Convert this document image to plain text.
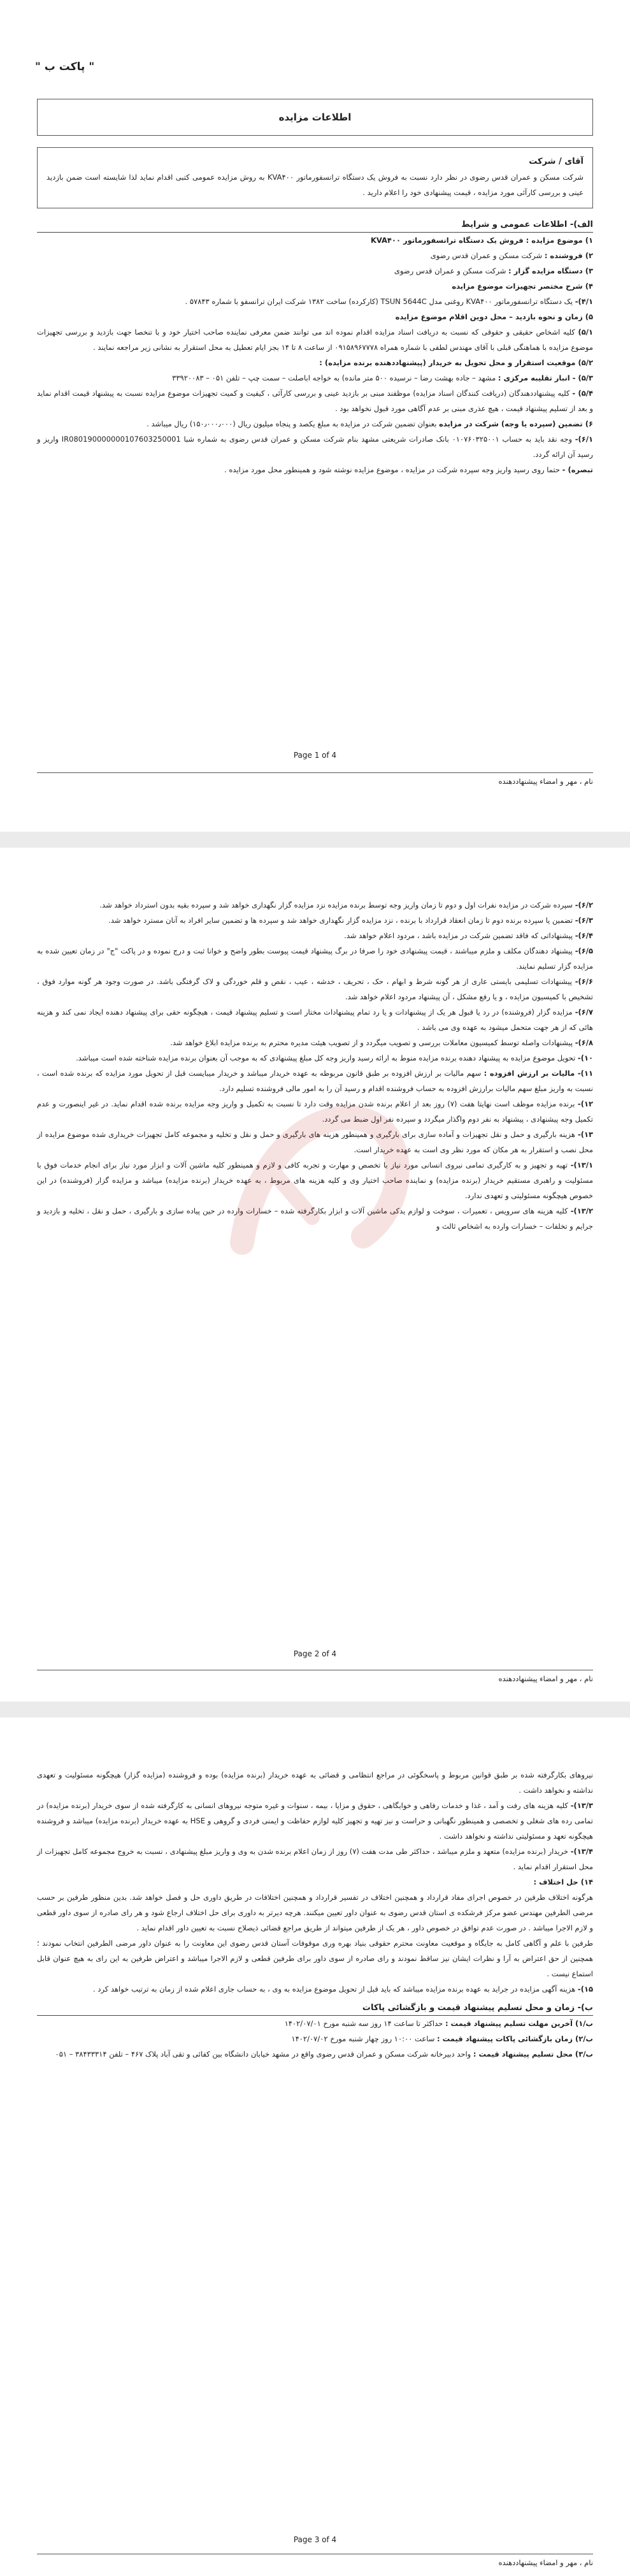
" پاکت ب "
اطلاعات مزایده
آقای / شرکت
شرکت مسکن و عمران قدس رضوی در نظر دارد نسبت به فروش یک دستگاه ترانسفورماتور KVA۴۰۰ به روش مزایده عمومی کتبی اقدام نماید لذا شایسته است ضمن بازدید عینی و بررسی کارآئی مورد مزایده ، قیمت پیشنهادی خود را اعلام دارید .
الف)- اطلاعات عمومی و شرایط
۱) موضوع مزایده : فروش یک دستگاه ترانسفورماتور KVA۴۰۰
۲) فروشنده : شرکت مسکن و عمران قدس رضوی
۳) دستگاه مزایده گزار : شرکت مسکن و عمران قدس رضوی
۴) شرح مختصر تجهیزات موضوع مزایده
۴/۱)- یک دستگاه ترانسفورماتور KVA۴۰۰ روغنی مدل TSUN 5644C (کارکرده) ساخت ۱۳۸۲ شرکت ایران ترانسفو با شماره ۵۷۸۴۳ .
۵) زمان و نحوه بازدید – محل دوین اقلام موضوع مزایده
۵/۱) کلیه اشخاص حقیقی و حقوقی که نسبت به دریافت اسناد مزایده اقدام نموده اند می توانند ضمن معرفی نماینده صاحب اختیار خود و با تنخصا جهت بازدید و بررسی تجهیزات موضوع مزایده با هماهنگی قبلی با آقای مهندس لطفی با شماره همراه ۰۹۱۵۸۹۶۷۷۷۸ از ساعت ۸ تا ۱۴ بجز ایام تعطیل به محل استقرار به نشانی زیر مراجعه نمایند .
۵/۲) موقعیت استقرار و محل تحویل به خریدار (پیشنهاددهنده برنده مزایده) :
۵/۳) - انبار تقلیبه مرکزی : مشهد – جاده بهشت رضا – نرسیده ۵۰۰ متر مانده) به خواجه اباصلت – سمت چپ – تلفن ۰۵۱ – ۳۳۹۲۰۰۸۳
۵/۴) - کلیه پیشنهاددهندگان (دریافت کنندگان اسناد مزایده) موظفند مبنی بر بازدید عینی و بررسی کارآئی ، کیفیت و کمیت تجهیزات موضوع مزایده نسبت به پیشنهاد قیمت اقدام نماید و بعد از تسلیم پیشنهاد قیمت ، هیچ عذری مبنی بر عدم آگاهی مورد قبول نخواهد بود .
۶) تضمین (سپرده یا وجه) شرکت در مزایده بعنوان تضمین شرکت در مزایده به مبلغ یکصد و پنجاه میلیون ریال (۱۵۰٫۰۰۰٫۰۰۰) ریال میباشد .
۶/۱)- وجه نقد باید به حساب ۰۱۰۷۶۰۳۲۵۰۰۱ بانک صادرات شریعتی مشهد بنام شرکت مسکن و عمران قدس رضوی به شماره شبا IR080190000000107603250001 واریز و رسید آن ارائه گردد.
تبصره) - حتما روی رسید واریز وجه سپرده شرکت در مزایده ، موضوع مزایده نوشته شود و همینطور محل مورد مزایده .
Page 1 of 4
نام ، مهر و امضاء پیشنهاددهنده
۶/۲)- سپرده شرکت در مزایده نفرات اول و دوم تا زمان واریز وجه توسط برنده مزایده نزد مزایده گزار نگهداری خواهد شد و سپرده بقیه بدون استرداد خواهد شد.
۶/۳)- تضمین یا سپرده برنده دوم تا زمان انعقاد قرارداد با برنده ، نزد مزایده گزار نگهداری خواهد شد و سپرده ها و تضمین سایر افراد به آنان مسترد خواهد شد.
۶/۴)- پیشنهاداتی که فاقد تضمین شرکت در مزایده باشد ، مردود اعلام خواهد شد.
۶/۵)- پیشنهاد دهندگان مکلف و ملزم میباشند ، قیمت پیشنهادی خود را صرفا در برگ پیشنهاد قیمت پیوست بطور واضح و خوانا ثبت و درج نموده و در پاکت "ج" در زمان تعیین شده به مزایده گزار تسلیم نمایند.
۶/۶)- پیشنهادات تسلیمی بایستی عاری از هر گونه شرط و ابهام ، حک ، تحریف ، خدشه ، عیب ، نقص و قلم خوردگی و لاک گرفتگی باشد. در صورت وجود هر گونه موارد فوق ، تشخیص با کمیسیون مزایده ، و یا رفع مشکل ، آن پیشنهاد مردود اعلام خواهد شد.
۶/۷)- مزایده گزار (فروشنده) در رد یا قبول هر یک از پیشنهادات و یا رد تمام پیشنهادات مختار است و تسلیم پیشنهاد قیمت ، هیچگونه حقی برای پیشنهاد دهنده ایجاد نمی کند و هزینه هائی که از هر جهت متحمل میشود به عهده وی می باشد .
۶/۸)- پیشنهادات واصله توسط کمیسیون معاملات بررسی و تصویب میگردد و از تصویب هیئت مدیره محترم به برنده مزایده ابلاغ خواهد شد.
۱۰)- تحویل موضوع مزایده به پیشنهاد دهنده برنده مزایده منوط به ارائه رسید واریز وجه کل مبلغ پیشنهادی که به موجب آن بعنوان برنده مزایده شناخته شده است میباشد.
۱۱)- مالیات بر ارزش افزوده : سهم مالیات بر ارزش افزوده بر طبق قانون مربوطه به عهده خریدار میباشد و خریدار میبایست قبل از تحویل مورد مزایده که برنده شده است ، نسبت به واریز مبلغ سهم مالیات برارزش افزوده به حساب فروشنده اقدام و رسید آن را به امور مالی فروشنده تسلیم دارد.
۱۲)- برنده مزایده موظف است نهایتا هفت (۷) روز بعد از اعلام برنده شدن مزایده وقت دارد تا نسبت به تکمیل و واریز وجه مزایده برنده شده اقدام نماید. در غیر اینصورت و عدم تکمیل وجه پیشنهادی ، پیشنهاد به نفر دوم واگذار میگردد و سپرده نفر اول ضبط می گردد.
۱۳)- هزینه بارگیری و حمل و نقل تجهیزات و آماده سازی برای بارگیری و همینطور هزینه های بارگیری و حمل و نقل و تخلیه و مجموعه کامل تجهیزات خریداری شده موضوع مزایده از محل نصب و استقرار به هر مکان که مورد نظر وی است به عهده خریدار است.
۱۳/۱)- تهیه و تجهیز و به کارگیری تمامی نیروی انسانی مورد نیاز با تخصص و مهارت و تجربه کافی و لازم و همینطور کلیه ماشین آلات و ابزار مورد نیاز برای انجام خدمات فوق با مسئولیت و راهبری مستقیم خریدار (برنده مزایده) و نماینده صاحب اختیار وی و کلیه هزینه های مربوط ، به عهده خریدار (برنده مزایده) میباشد و مزایده گزار (فروشنده) در این خصوص هیچگونه مسئولیتی و تعهدی ندارد.
۱۳/۲)- کلیه هزینه های سرویس ، تعمیرات ، سوخت و لوازم یدکی ماشین آلات و ابزار بکارگرفته شده – خسارات وارده در حین پیاده سازی و بارگیری ، حمل و نقل ، تخلیه و بازدید و جرایم و تخلفات – خسارات وارده به اشخاص ثالث و
Page 2 of 4
نام ، مهر و امضاء پیشنهاددهنده
نیروهای بکارگرفته شده بر طبق قوانین مربوط و پاسخگوئی در مراجع انتظامی و قضائی به عهده خریدار (برنده مزایده) بوده و فروشنده (مزایده گزار) هیچگونه مسئولیت و تعهدی نداشته و نخواهد داشت .
۱۳/۳)- کلیه هزینه های رفت و آمد ، غذا و خدمات رفاهی و خوابگاهی ، حقوق و مزایا ، بیمه ، سنوات و غیره متوجه نیروهای انسانی به کارگرفته شده از سوی خریدار (برنده مزایده) در تمامی رده های شغلی و تخصصی و همینطور نگهبانی و حراست و نیز تهیه و تجهیز کلیه لوازم حفاظت و ایمنی فردی و گروهی و HSE به عهده خریدار (برنده مزایده) میباشد و فروشنده هیچگونه تعهد و مسئولیتی نداشته و نخواهد داشت .
۱۳/۴)- خریدار (برنده مزایده) متعهد و ملزم میباشد ، حداکثر طی مدت هفت (۷) روز از زمان اعلام برنده شدن به وی و واریز مبلغ پیشنهادی ، نسبت به خروج مجموعه کامل تجهیزات از محل استقرار اقدام نماید .
۱۴) حل اختلاف :
هرگونه اختلاف طرفین در خصوص اجرای مفاد قرارداد و همچنین اختلاف در تفسیر قرارداد و همچنین اختلافات در طریق داوری حل و فصل خواهد شد. بدین منظور طرفین بر حسب مرضی الطرفین مهندس عضو مرکز فرشکده ی استان قدس رضوی به عنوان داور تعیین میکنند. هرچه دیرتر به داوری برای حل اختلاف ارجاع شود و هر رای صادره از سوی داور قطعی و لازم الاجرا میباشد . در صورت عدم توافق در خصوص داور ، هر یک از طرفین میتواند از طریق مراجع قضائی ذیصلاح نسبت به تعیین داور اقدام نماید .
طرفین با علم و آگاهی کامل به جایگاه و موقعیت معاونت محترم حقوقی بنیاد بهره وری موقوفات آستان قدس رضوی این معاونت را به عنوان داور مرضی الطرفین انتخاب نمودند ؛ همچنین از حق اعتراض به آرا و نظرات ایشان نیز ساقط نمودند و رای صادره از سوی داور برای طرفین قطعی و لازم الاجرا میباشد و اعتراض طرفین به این رای به هیچ عنوان قابل استماع نیست .
۱۵)- هزینه آگهی مزایده در جراید به عهده برنده مزایده میباشد که باید قبل از تحویل موضوع مزایده به وی ، به حساب جاری اعلام شده از زمان به ترتیب خواهد کرد .
ب)- زمان و محل تسلیم پیشنهاد قیمت و بازگشائی پاکات
ب/۱) آخرین مهلت تسلیم پیشنهاد قیمت : حداکثر تا ساعت ۱۴ روز سه شنبه مورخ ۱۴۰۲/۰۷/۰۱
ب/۲) زمان بازگشائی پاکات پیشنهاد قیمت : ساعت ۱۰:۰۰ روز چهار شنبه مورخ ۱۴۰۲/۰۷/۰۲
ب/۳) محل تسلیم پیشنهاد قیمت : واحد دبیرخانه شرکت مسکن و عمران قدس رضوی واقع در مشهد خیابان دانشگاه بین کفائی و تقی آباد پلاک ۴۶۷ – تلفن ۳۸۴۳۳۳۱۴ – ۰۵۱
Page 3 of 4
نام ، مهر و امضاء پیشنهاددهنده
